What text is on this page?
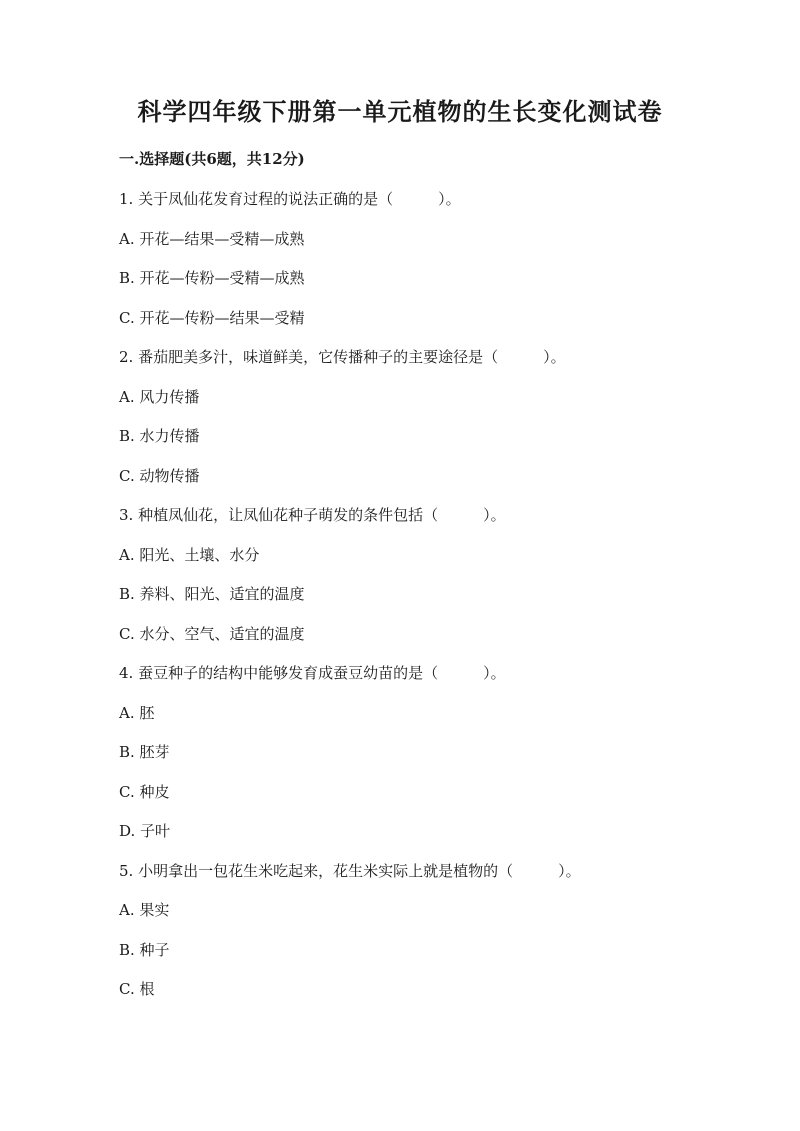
科学四年级下册第一单元植物的生长变化测试卷
一.选择题(共6题，共12分)
1. 关于凤仙花发育过程的说法正确的是（　　　）。
A. 开花—结果—受精—成熟
B. 开花—传粉—受精—成熟
C. 开花—传粉—结果—受精
2. 番茄肥美多汁，味道鲜美，它传播种子的主要途径是（　　　）。
A. 风力传播
B. 水力传播
C. 动物传播
3. 种植凤仙花，让凤仙花种子萌发的条件包括（　　　）。
A. 阳光、土壤、水分
B. 养料、阳光、适宜的温度
C. 水分、空气、适宜的温度
4. 蚕豆种子的结构中能够发育成蚕豆幼苗的是（　　　）。
A. 胚
B. 胚芽
C. 种皮
D. 子叶
5. 小明拿出一包花生米吃起来，花生米实际上就是植物的（　　　）。
A. 果实
B. 种子
C. 根
